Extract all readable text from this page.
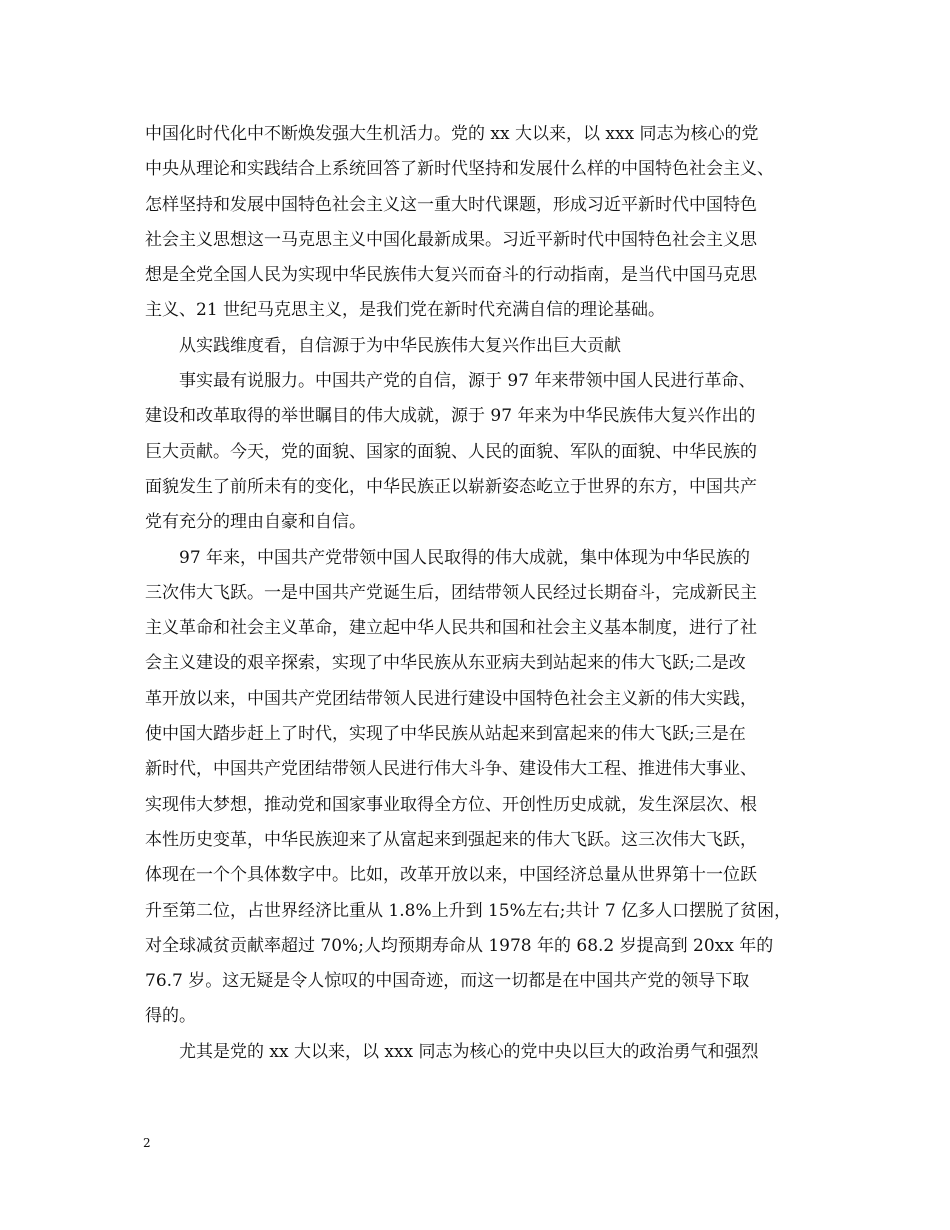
中国化时代化中不断焕发强大生机活力。党的 xx 大以来，以 xxx 同志为核心的党
中央从理论和实践结合上系统回答了新时代坚持和发展什么样的中国特色社会主义、
怎样坚持和发展中国特色社会主义这一重大时代课题，形成习近平新时代中国特色
社会主义思想这一马克思主义中国化最新成果。习近平新时代中国特色社会主义思
想是全党全国人民为实现中华民族伟大复兴而奋斗的行动指南，是当代中国马克思
主义、21 世纪马克思主义，是我们党在新时代充满自信的理论基础。
从实践维度看，自信源于为中华民族伟大复兴作出巨大贡献
事实最有说服力。中国共产党的自信，源于 97 年来带领中国人民进行革命、
建设和改革取得的举世瞩目的伟大成就，源于 97 年来为中华民族伟大复兴作出的
巨大贡献。今天，党的面貌、国家的面貌、人民的面貌、军队的面貌、中华民族的
面貌发生了前所未有的变化，中华民族正以崭新姿态屹立于世界的东方，中国共产
党有充分的理由自豪和自信。
97 年来，中国共产党带领中国人民取得的伟大成就，集中体现为中华民族的
三次伟大飞跃。一是中国共产党诞生后，团结带领人民经过长期奋斗，完成新民主
主义革命和社会主义革命，建立起中华人民共和国和社会主义基本制度，进行了社
会主义建设的艰辛探索，实现了中华民族从东亚病夫到站起来的伟大飞跃;二是改
革开放以来，中国共产党团结带领人民进行建设中国特色社会主义新的伟大实践，
使中国大踏步赶上了时代，实现了中华民族从站起来到富起来的伟大飞跃;三是在
新时代，中国共产党团结带领人民进行伟大斗争、建设伟大工程、推进伟大事业、
实现伟大梦想，推动党和国家事业取得全方位、开创性历史成就，发生深层次、根
本性历史变革，中华民族迎来了从富起来到强起来的伟大飞跃。这三次伟大飞跃，
体现在一个个具体数字中。比如，改革开放以来，中国经济总量从世界第十一位跃
升至第二位，占世界经济比重从 1.8%上升到 15%左右;共计 7 亿多人口摆脱了贫困，
对全球减贫贡献率超过 70%;人均预期寿命从 1978 年的 68.2 岁提高到 20xx 年的
76.7 岁。这无疑是令人惊叹的中国奇迹，而这一切都是在中国共产党的领导下取
得的。
尤其是党的 xx 大以来，以 xxx 同志为核心的党中央以巨大的政治勇气和强烈
2
